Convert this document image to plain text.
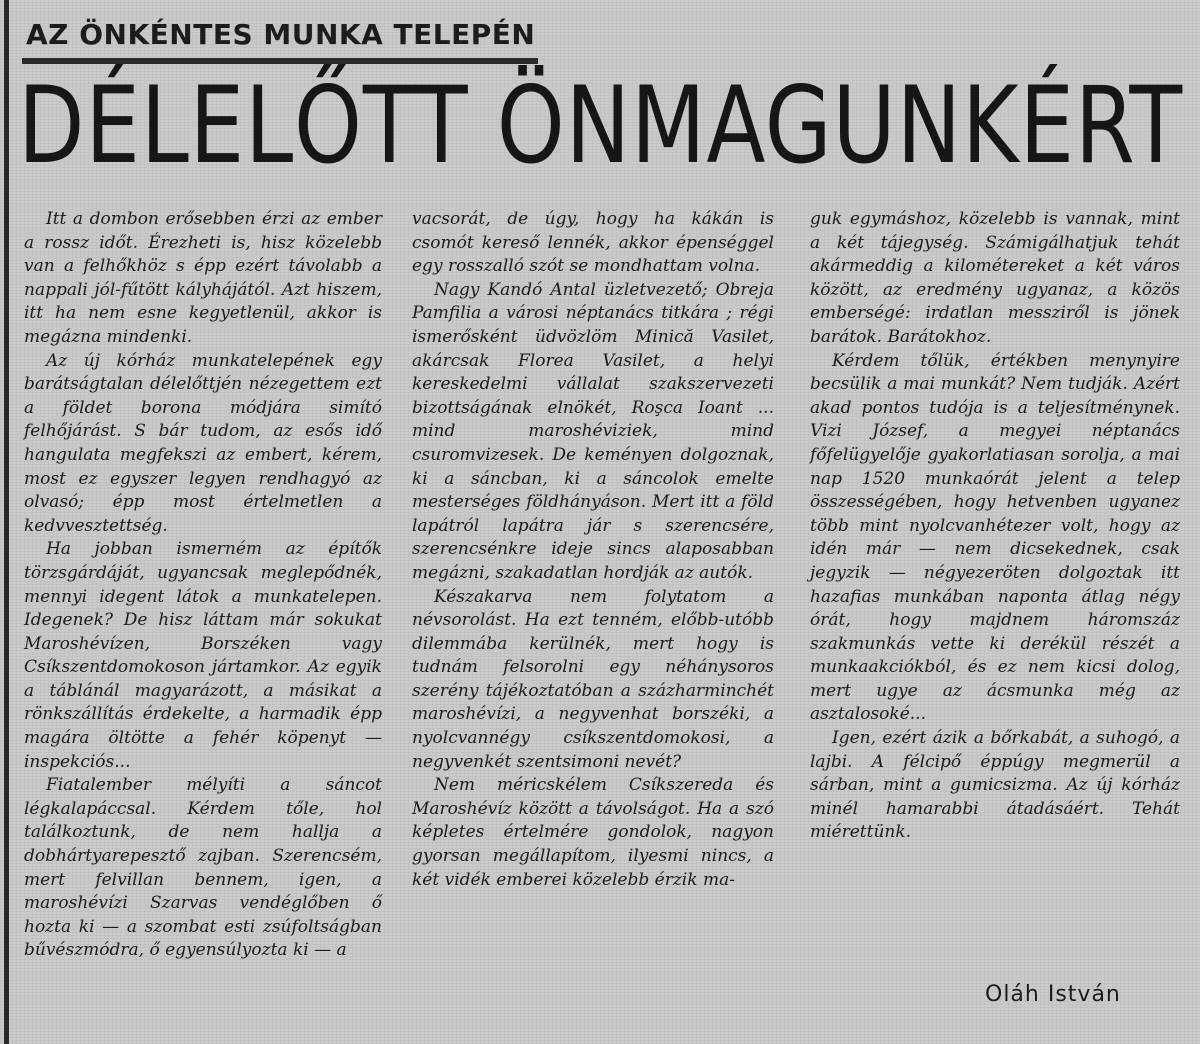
AZ ÖNKÉNTES MUNKA TELEPÉN
DÉLELŐTT ÖNMAGUNKÉRT

Itt a dombon erősebben érzi az ember a rossz időt. Érezheti is, hisz közelebb van a felhőkhöz s épp ezért távolabb a nappali jól-fűtött kályhájától. Azt hiszem, itt ha nem esne kegyetlenül, akkor is megázna mindenki.

Az új kórház munkatelepének egy barátságtalan délelőttjén nézegettem ezt a földet borona módjára simító felhőjárást. S bár tudom, az esős idő hangulata megfekszi az embert, kérem, most ez egyszer legyen rendhagyó az olvasó; épp most értelmetlen a kedvvesztettség.

Ha jobban ismerném az építők törzsgárdáját, ugyancsak meglepődnék, mennyi idegent látok a munkatelepen. Idegenek? De hisz láttam már sokukat Maroshévízen, Borszéken vagy Csíkszentdomokoson jártamkor. Az egyik a táblánál magyarázott, a másikat a rönkszállítás érdekelte, a harmadik épp magára öltötte a fehér köpenyt — inspekciós...

Fiatalember mélyíti a sáncot légkalapáccsal. Kérdem tőle, hol találkoztunk, de nem hallja a dobhártyarepesztő zajban. Szerencsém, mert felvillan bennem, igen, a maroshévízi Szarvas vendéglőben ő hozta ki — a szombat esti zsúfoltságban bűvészmódra, ő egyensúlyozta ki — a

vacsorát, de úgy, hogy ha kákán is csomót kereső lennék, akkor épenséggel egy rosszalló szót se mondhattam volna.

Nagy Kandó Antal üzletvezető; Obreja Pamfilia a városi néptanács titkára ; régi ismerősként üdvözlöm Minică Vasilet, akárcsak Florea Vasilet, a helyi kereskedelmi vállalat szakszervezeti bizottságának elnökét, Roşca Ioant ... mind maroshéviziek, mind csuromvizesek. De keményen dolgoznak, ki a sáncban, ki a sáncolok emelte mesterséges földhányáson. Mert itt a föld lapátról lapátra jár s szerencsére, szerencsénkre ideje sincs alaposabban megázni, szakadatlan hordják az autók.

Készakarva nem folytatom a névsorolást. Ha ezt tenném, előbb-utóbb dilemmába kerülnék, mert hogy is tudnám felsorolni egy néhánysoros szerény tájékoztatóban a százharminchét maroshévízi, a negyvenhat borszéki, a nyolcvannégy csíkszentdomokosi, a negyvenkét szentsimoni nevét?

Nem méricskélem Csíkszereda és Maroshévíz között a távolságot. Ha a szó képletes értelmére gondolok, nagyon gyorsan megállapítom, ilyesmi nincs, a két vidék emberei közelebb érzik ma-

guk egymáshoz, közelebb is vannak, mint a két tájegység. Számigálhatjuk tehát akármeddig a kilométereket a két város között, az eredmény ugyanaz, a közös emberségé: irdatlan messziről is jönek barátok. Barátokhoz.

Kérdem tőlük, értékben menynyire becsülik a mai munkát? Nem tudják. Azért akad pontos tudója is a teljesítménynek. Vizi József, a megyei néptanács főfelügyelője gyakorlatiasan sorolja, a mai nap 1520 munkaórát jelent a telep összességében, hogy hetvenben ugyanez több mint nyolcvanhétezer volt, hogy az idén már — nem dicsekednek, csak jegyzik — négyezeröten dolgoztak itt hazafias munkában naponta átlag négy órát, hogy majdnem háromszáz szakmunkás vette ki derékül részét a munkaakciókból, és ez nem kicsi dolog, mert ugye az ácsmunka még az asztalosoké...

Igen, ezért ázik a bőrkabát, a suhogó, a lajbi. A félcipő éppúgy megmerül a sárban, mint a gumicsizma. Az új kórház minél hamarabbi átadásáért. Tehát miérettünk.

Oláh István
